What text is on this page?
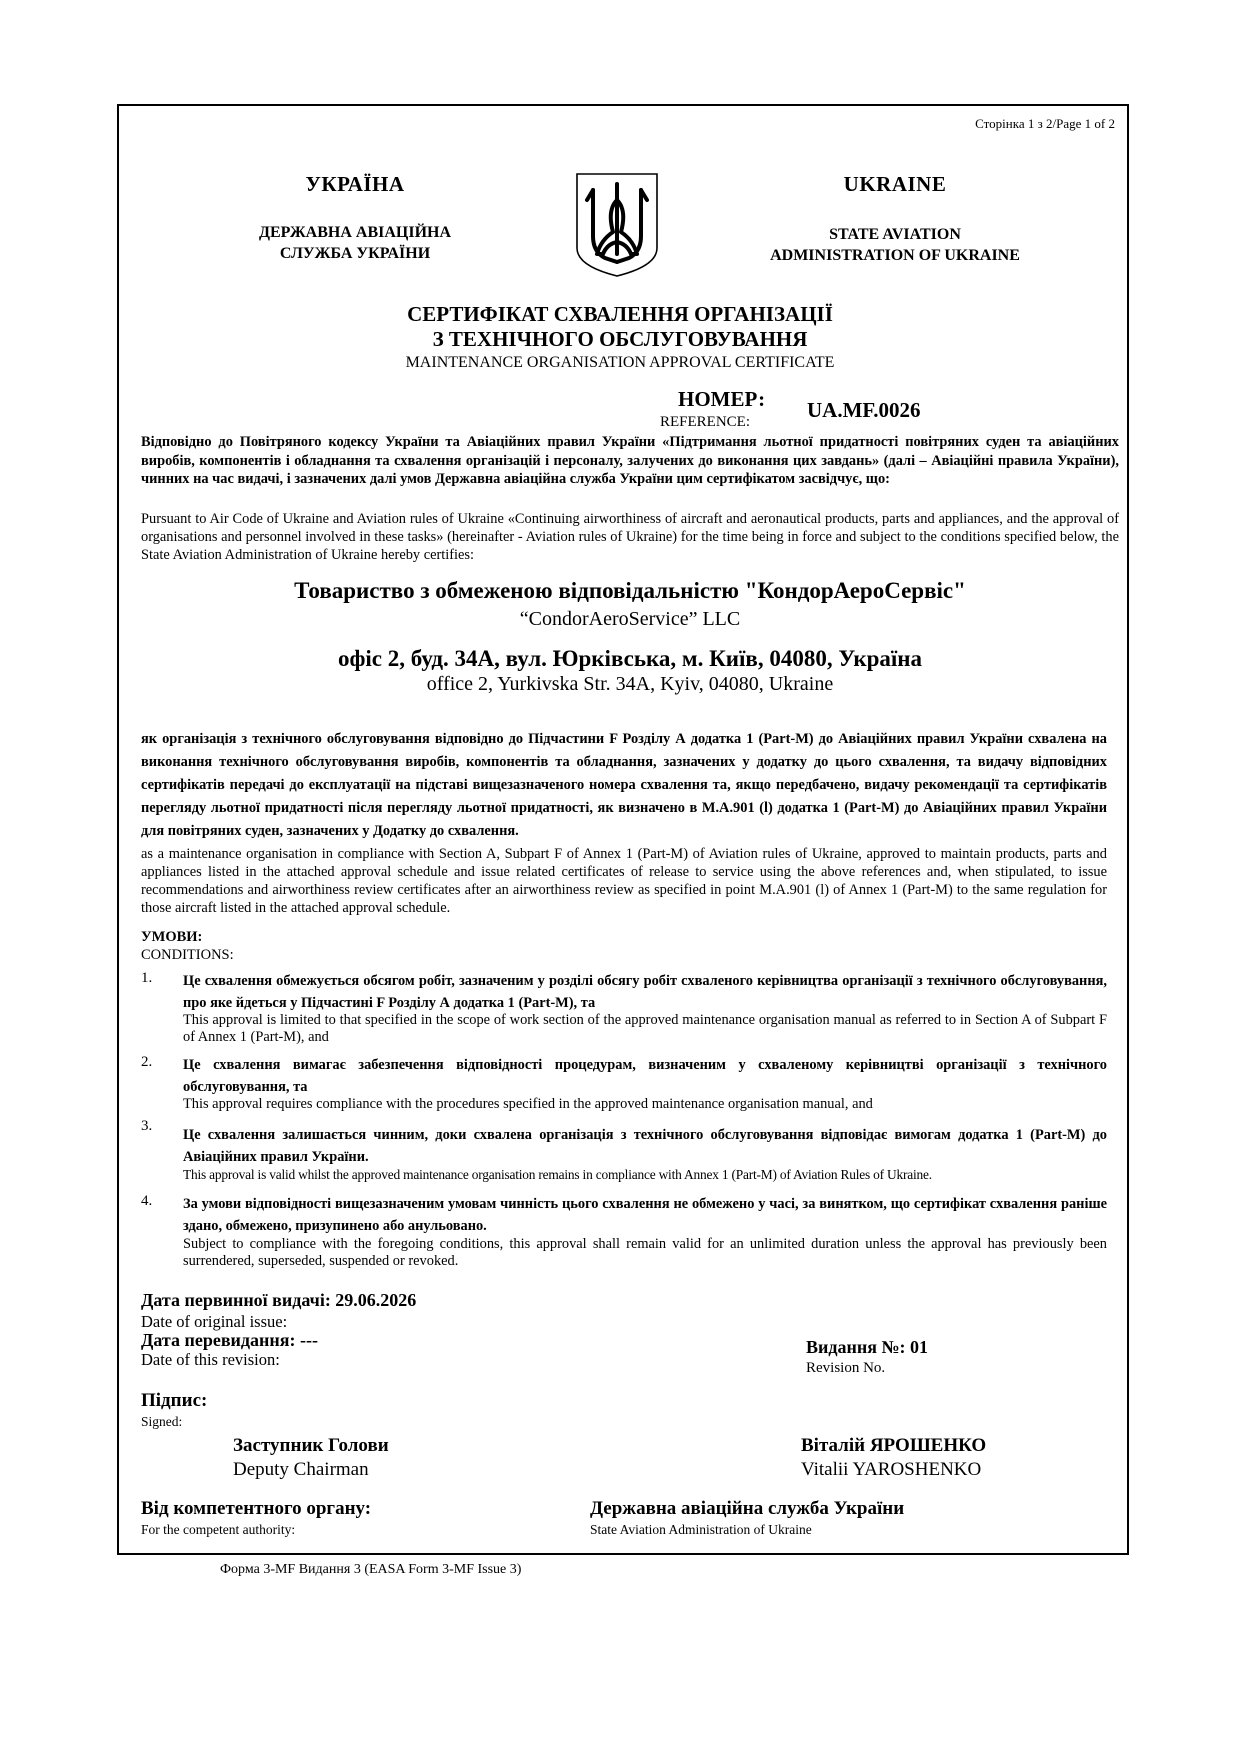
Сторінка 1 з 2/Page 1 of 2
УКРАЇНА
ДЕРЖАВНА АВІАЦІЙНА
СЛУЖБА УКРАЇНИ
UKRAINE
STATE AVIATION
ADMINISTRATION OF UKRAINE
СЕРТИФІКАТ СХВАЛЕННЯ ОРГАНІЗАЦІЇ
З ТЕХНІЧНОГО ОБСЛУГОВУВАННЯ
MAINTENANCE ORGANISATION APPROVAL CERTIFICATE
НОМЕР:
REFERENCE:	UA.MF.0026
Відповідно до Повітряного кодексу України та Авіаційних правил України «Підтримання льотної придатності повітряних суден та авіаційних виробів, компонентів і обладнання та схвалення організацій і персоналу, залучених до виконання цих завдань» (далі – Авіаційні правила України), чинних на час видачі, і зазначених далі умов Державна авіаційна служба України цим сертифікатом засвідчує, що:
Pursuant to Air Code of Ukraine and Aviation rules of Ukraine «Continuing airworthiness of aircraft and aeronautical products, parts and appliances, and the approval of organisations and personnel involved in these tasks» (hereinafter - Aviation rules of Ukraine) for the time being in force and subject to the conditions specified below, the State Aviation Administration of Ukraine hereby certifies:
Товариство з обмеженою відповідальністю "КондорАероСервіс"
“CondorAeroService” LLC
офіс 2, буд. 34А, вул. Юрківська, м. Київ, 04080, Україна
office 2, Yurkivska Str. 34A, Kyiv, 04080, Ukraine
як організація з технічного обслуговування відповідно до Підчастини F Розділу А додатка 1 (Part-M) до Авіаційних правил України схвалена на виконання технічного обслуговування виробів, компонентів та обладнання, зазначених у додатку до цього схвалення, та видачу відповідних сертифікатів передачі до експлуатації на підставі вищезазначеного номера схвалення та, якщо передбачено, видачу рекомендації та сертифікатів перегляду льотної придатності після перегляду льотної придатності, як визначено в M.A.901 (l) додатка 1 (Part-M) до Авіаційних правил України для повітряних суден, зазначених у Додатку до схвалення.
as a maintenance organisation in compliance with Section A, Subpart F of Annex 1 (Part-M) of Aviation rules of Ukraine, approved to maintain products, parts and appliances listed in the attached approval schedule and issue related certificates of release to service using the above references and, when stipulated, to issue recommendations and airworthiness review certificates after an airworthiness review as specified in point M.A.901 (l) of Annex 1 (Part-M) to the same regulation for those aircraft listed in the attached approval schedule.
УМОВИ:
CONDITIONS:
1. Це схвалення обмежується обсягом робіт, зазначеним у розділі обсягу робіт схваленого керівництва організації з технічного обслуговування, про яке йдеться у Підчастині F Розділу А додатка 1 (Part-M), та
This approval is limited to that specified in the scope of work section of the approved maintenance organisation manual as referred to in Section A of Subpart F of Annex 1 (Part-M), and
2. Це схвалення вимагає забезпечення відповідності процедурам, визначеним у схваленому керівництві організації з технічного обслуговування, та
This approval requires compliance with the procedures specified in the approved maintenance organisation manual, and
3.
Це схвалення залишається чинним, доки схвалена організація з технічного обслуговування відповідає вимогам додатка 1 (Part-M) до Авіаційних правил України.
This approval is valid whilst the approved maintenance organisation remains in compliance with Annex 1 (Part-M) of Aviation Rules of Ukraine.
4. За умови відповідності вищезазначеним умовам чинність цього схвалення не обмежено у часі, за винятком, що сертифікат схвалення раніше здано, обмежено, призупинено або анульовано.
Subject to compliance with the foregoing conditions, this approval shall remain valid for an unlimited duration unless the approval has previously been surrendered, superseded, suspended or revoked.
Дата первинної видачі: 29.06.2026
Date of original issue:
Дата перевидання: ---
Date of this revision:
Видання №: 01
Revision No.
Підпис:
Signed:
Заступник Голови
Deputy Chairman
Віталій ЯРОШЕНКО
Vitalii YAROSHENKO
Від компетентного органу:
For the competent authority:
Державна авіаційна служба України
State Aviation Administration of Ukraine
Форма 3-MF Видання 3 (EASA Form 3-MF Issue 3)
